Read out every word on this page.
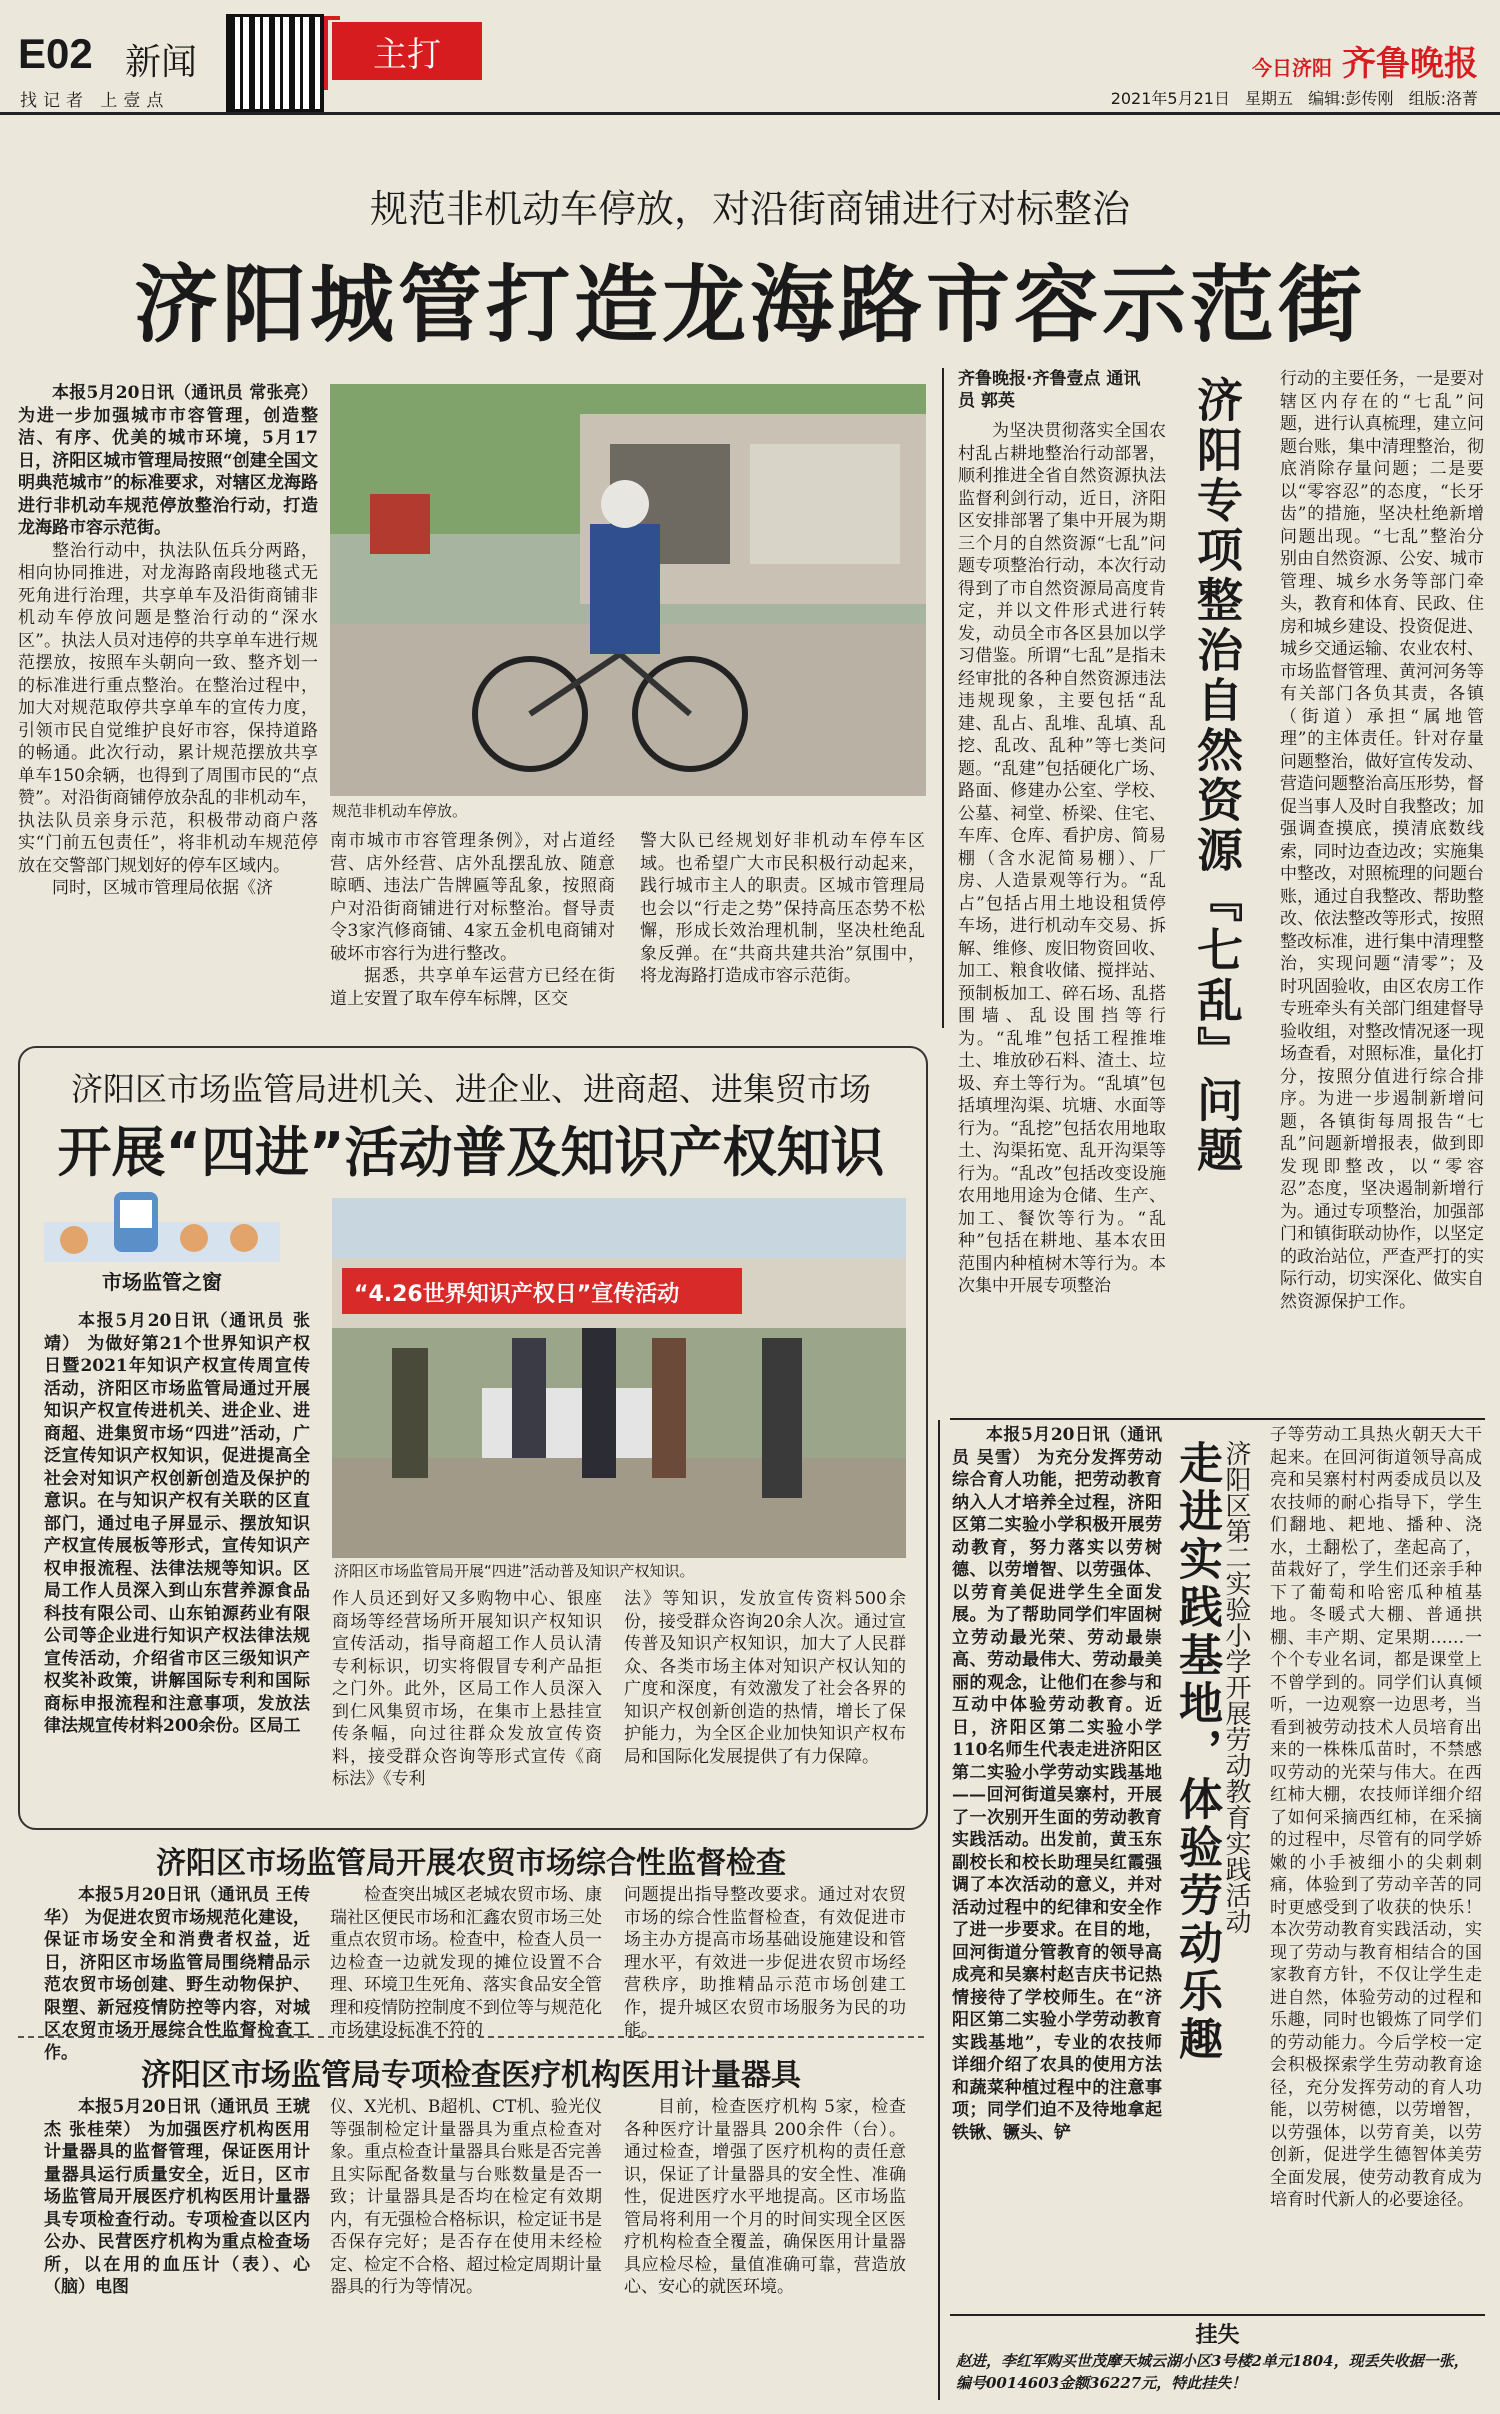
E02 新闻
找记者 上壹点
主打	今日济阳 齐鲁晚报
2021年5月21日 星期五 编辑:彭传刚 组版:洛菁
规范非机动车停放，对沿街商铺进行对标整治
济阳城管打造龙海路市容示范街

本报5月20日讯（通讯员 常张亮） 为进一步加强城市市容管理，创造整洁、有序、优美的城市环境，5月17日，济阳区城市管理局按照“创建全国文明典范城市”的标准要求，对辖区龙海路进行非机动车规范停放整治行动，打造龙海路市容示范街。

整治行动中，执法队伍兵分两路，相向协同推进，对龙海路南段地毯式无死角进行治理，共享单车及沿街商铺非机动车停放问题是整治行动的“深水区”。执法人员对违停的共享单车进行规范摆放，按照车头朝向一致、整齐划一的标准进行重点整治。在整治过程中，加大对规范取停共享单车的宣传力度，引领市民自觉维护良好市容，保持道路的畅通。此次行动，累计规范摆放共享单车150余辆，也得到了周围市民的“点赞”。对沿街商铺停放杂乱的非机动车，执法队员亲身示范，积极带动商户落实“门前五包责任”，将非机动车规范停放在交警部门规划好的停车区域内。

同时，区城市管理局依据《济

规范非机动车停放。

南市城市市容管理条例》，对占道经营、店外经营、店外乱摆乱放、随意晾晒、违法广告牌匾等乱象，按照商户对沿街商铺进行对标整治。督导责令3家汽修商铺、4家五金机电商铺对破坏市容行为进行整改。

据悉，共享单车运营方已经在街道上安置了取车停车标牌，区交

警大队已经规划好非机动车停车区域。也希望广大市民积极行动起来，践行城市主人的职责。区城市管理局也会以“行走之势”保持高压态势不松懈，形成长效治理机制，坚决杜绝乱象反弹。在“共商共建共治”氛围中，将龙海路打造成市容示范街。

齐鲁晚报·齐鲁壹点 通讯员 郭英	济阳专项整治自然资源『七乱』问题

为坚决贯彻落实全国农村乱占耕地整治行动部署，顺利推进全省自然资源执法监督利剑行动，近日，济阳区安排部署了集中开展为期三个月的自然资源“七乱”问题专项整治行动，本次行动得到了市自然资源局高度肯定，并以文件形式进行转发，动员全市各区县加以学习借鉴。所谓“七乱”是指未经审批的各种自然资源违法违规现象，主要包括“乱建、乱占、乱堆、乱填、乱挖、乱改、乱种”等七类问题。“乱建”包括硬化广场、路面、修建办公室、学校、公墓、祠堂、桥梁、住宅、车库、仓库、看护房、简易棚（含水泥简易棚）、厂房、人造景观等行为。“乱占”包括占用土地设租赁停车场，进行机动车交易、拆解、维修、废旧物资回收、加工、粮食收储、搅拌站、预制板加工、碎石场、乱搭围墙、乱设围挡等行为。“乱堆”包括工程推堆土、堆放砂石料、渣土、垃圾、弃土等行为。“乱填”包括填埋沟渠、坑塘、水面等行为。“乱挖”包括农用地取土、沟渠拓宽、乱开沟渠等行为。“乱改”包括改变设施农用地用途为仓储、生产、加工、餐饮等行为。“乱种”包括在耕地、基本农田范围内种植树木等行为。本次集中开展专项整治

行动的主要任务，一是要对辖区内存在的“七乱”问题，进行认真梳理，建立问题台账，集中清理整治，彻底消除存量问题；二是要以“零容忍”的态度，“长牙齿”的措施，坚决杜绝新增问题出现。“七乱”整治分别由自然资源、公安、城市管理、城乡水务等部门牵头，教育和体育、民政、住房和城乡建设、投资促进、城乡交通运输、农业农村、市场监督管理、黄河河务等有关部门各负其责，各镇（街道）承担“属地管理”的主体责任。针对存量问题整治，做好宣传发动、营造问题整治高压形势，督促当事人及时自我整改；加强调查摸底，摸清底数线索，同时边查边改；实施集中整改，对照梳理的问题台账，通过自我整改、帮助整改、依法整改等形式，按照整改标准，进行集中清理整治，实现问题“清零”；及时巩固验收，由区农房工作专班牵头有关部门组建督导验收组，对整改情况逐一现场查看，对照标准，量化打分，按照分值进行综合排序。为进一步遏制新增问题，各镇街每周报告“七乱”问题新增报表，做到即发现即整改，以“零容忍”态度，坚决遏制新增行为。通过专项整治，加强部门和镇街联动协作，以坚定的政治站位，严查严打的实际行动，切实深化、做实自然资源保护工作。

济阳区市场监管局进机关、进企业、进商超、进集贸市场
开展“四进”活动普及知识产权知识
市场监管之窗

本报5月20日讯（通讯员 张靖） 为做好第21个世界知识产权日暨2021年知识产权宣传周宣传活动，济阳区市场监管局通过开展知识产权宣传进机关、进企业、进商超、进集贸市场“四进”活动，广泛宣传知识产权知识，促进提高全社会对知识产权创新创造及保护的意识。在与知识产权有关联的区直部门，通过电子屏显示、摆放知识产权宣传展板等形式，宣传知识产权申报流程、法律法规等知识。区局工作人员深入到山东营养源食品科技有限公司、山东铂源药业有限公司等企业进行知识产权法律法规宣传活动，介绍省市区三级知识产权奖补政策，讲解国际专利和国际商标申报流程和注意事项，发放法律法规宣传材料200余份。区局工

“4.26世界知识产权日”宣传活动
济阳区市场监管局开展“四进”活动普及知识产权知识。

作人员还到好又多购物中心、银座商场等经营场所开展知识产权知识宣传活动，指导商超工作人员认清专利标识，切实将假冒专利产品拒之门外。此外，区局工作人员深入到仁风集贸市场，在集市上悬挂宣传条幅，向过往群众发放宣传资料，接受群众咨询等形式宣传《商标法》《专利

法》等知识，发放宣传资料500余份，接受群众咨询20余人次。通过宣传普及知识产权知识，加大了人民群众、各类市场主体对知识产权认知的广度和深度，有效激发了社会各界的知识产权创新创造的热情，增长了保护能力，为全区企业加快知识产权布局和国际化发展提供了有力保障。

济阳区市场监管局开展农贸市场综合性监督检查

本报5月20日讯（通讯员 王传华） 为促进农贸市场规范化建设，保证市场安全和消费者权益，近日，济阳区市场监管局围绕精品示范农贸市场创建、野生动物保护、限塑、新冠疫情防控等内容，对城区农贸市场开展综合性监督检查工作。

检查突出城区老城农贸市场、康瑞社区便民市场和汇鑫农贸市场三处重点农贸市场。检查中，检查人员一边检查一边就发现的摊位设置不合理、环境卫生死角、落实食品安全管理和疫情防控制度不到位等与规范化市场建设标准不符的

问题提出指导整改要求。通过对农贸市场的综合性监督检查，有效促进市场主办方提高市场基础设施建设和管理水平，有效进一步促进农贸市场经营秩序，助推精品示范市场创建工作，提升城区农贸市场服务为民的功能。

济阳区市场监管局专项检查医疗机构医用计量器具

本报5月20日讯（通讯员 王琥杰 张桂荣） 为加强医疗机构医用计量器具的监督管理，保证医用计量器具运行质量安全，近日，区市场监管局开展医疗机构医用计量器具专项检查行动。专项检查以区内公办、民营医疗机构为重点检查场所，以在用的血压计（表）、心（脑）电图

仪、X光机、B超机、CT机、验光仪等强制检定计量器具为重点检查对象。重点检查计量器具台账是否完善且实际配备数量与台账数量是否一致；计量器具是否均在检定有效期内，有无强检合格标识，检定证书是否保存完好；是否存在使用未经检定、检定不合格、超过检定周期计量器具的行为等情况。

目前，检查医疗机构 5家，检查各种医疗计量器具 200余件（台）。通过检查，增强了医疗机构的责任意识，保证了计量器具的安全性、准确性，促进医疗水平地提高。区市场监管局将利用一个月的时间实现全区医疗机构检查全覆盖，确保医用计量器具应检尽检，量值准确可靠，营造放心、安心的就医环境。

本报5月20日讯（通讯员 吴雪） 为充分发挥劳动综合育人功能，把劳动教育纳入人才培养全过程，济阳区第二实验小学积极开展劳动教育，努力落实以劳树德、以劳增智、以劳强体、以劳育美促进学生全面发展。为了帮助同学们牢固树立劳动最光荣、劳动最崇高、劳动最伟大、劳动最美丽的观念，让他们在参与和互动中体验劳动教育。近日，济阳区第二实验小学110名师生代表走进济阳区第二实验小学劳动实践基地——回河街道吴寨村，开展了一次别开生面的劳动教育实践活动。出发前，黄玉东副校长和校长助理吴红霞强调了本次活动的意义，并对活动过程中的纪律和安全作了进一步要求。在目的地，回河街道分管教育的领导高成亮和吴寨村赵吉庆书记热情接待了学校师生。在“济阳区第二实验小学劳动教育实践基地”，专业的农技师详细介绍了农具的使用方法和蔬菜种植过程中的注意事项；同学们迫不及待地拿起铁锹、镢头、铲

济阳区第二实验小学开展劳动教育实践活动
走进实践基地，体验劳动乐趣

子等劳动工具热火朝天大干起来。在回河街道领导高成亮和吴寨村村两委成员以及农技师的耐心指导下，学生们翻地、耙地、播种、浇水，土翻松了，垄起高了，苗栽好了，学生们还亲手种下了葡萄和哈密瓜种植基地。冬暖式大棚、普通拱棚、丰产期、定果期……一个个专业名词，都是课堂上不曾学到的。同学们认真倾听，一边观察一边思考，当看到被劳动技术人员培育出来的一株株瓜苗时，不禁感叹劳动的光荣与伟大。在西红柿大棚，农技师详细介绍了如何采摘西红柿，在采摘的过程中，尽管有的同学娇嫩的小手被细小的尖刺刺痛，体验到了劳动辛苦的同时更感受到了收获的快乐！本次劳动教育实践活动，实现了劳动与教育相结合的国家教育方针，不仅让学生走进自然，体验劳动的过程和乐趣，同时也锻炼了同学们的劳动能力。今后学校一定会积极探索学生劳动教育途径，充分发挥劳动的育人功能，以劳树德，以劳增智，以劳强体，以劳育美，以劳创新，促进学生德智体美劳全面发展，使劳动教育成为培育时代新人的必要途径。

挂失
赵进，李红军购买世茂摩天城云湖小区3号楼2单元1804，现丢失收据一张，编号0014603金额36227元，特此挂失！
